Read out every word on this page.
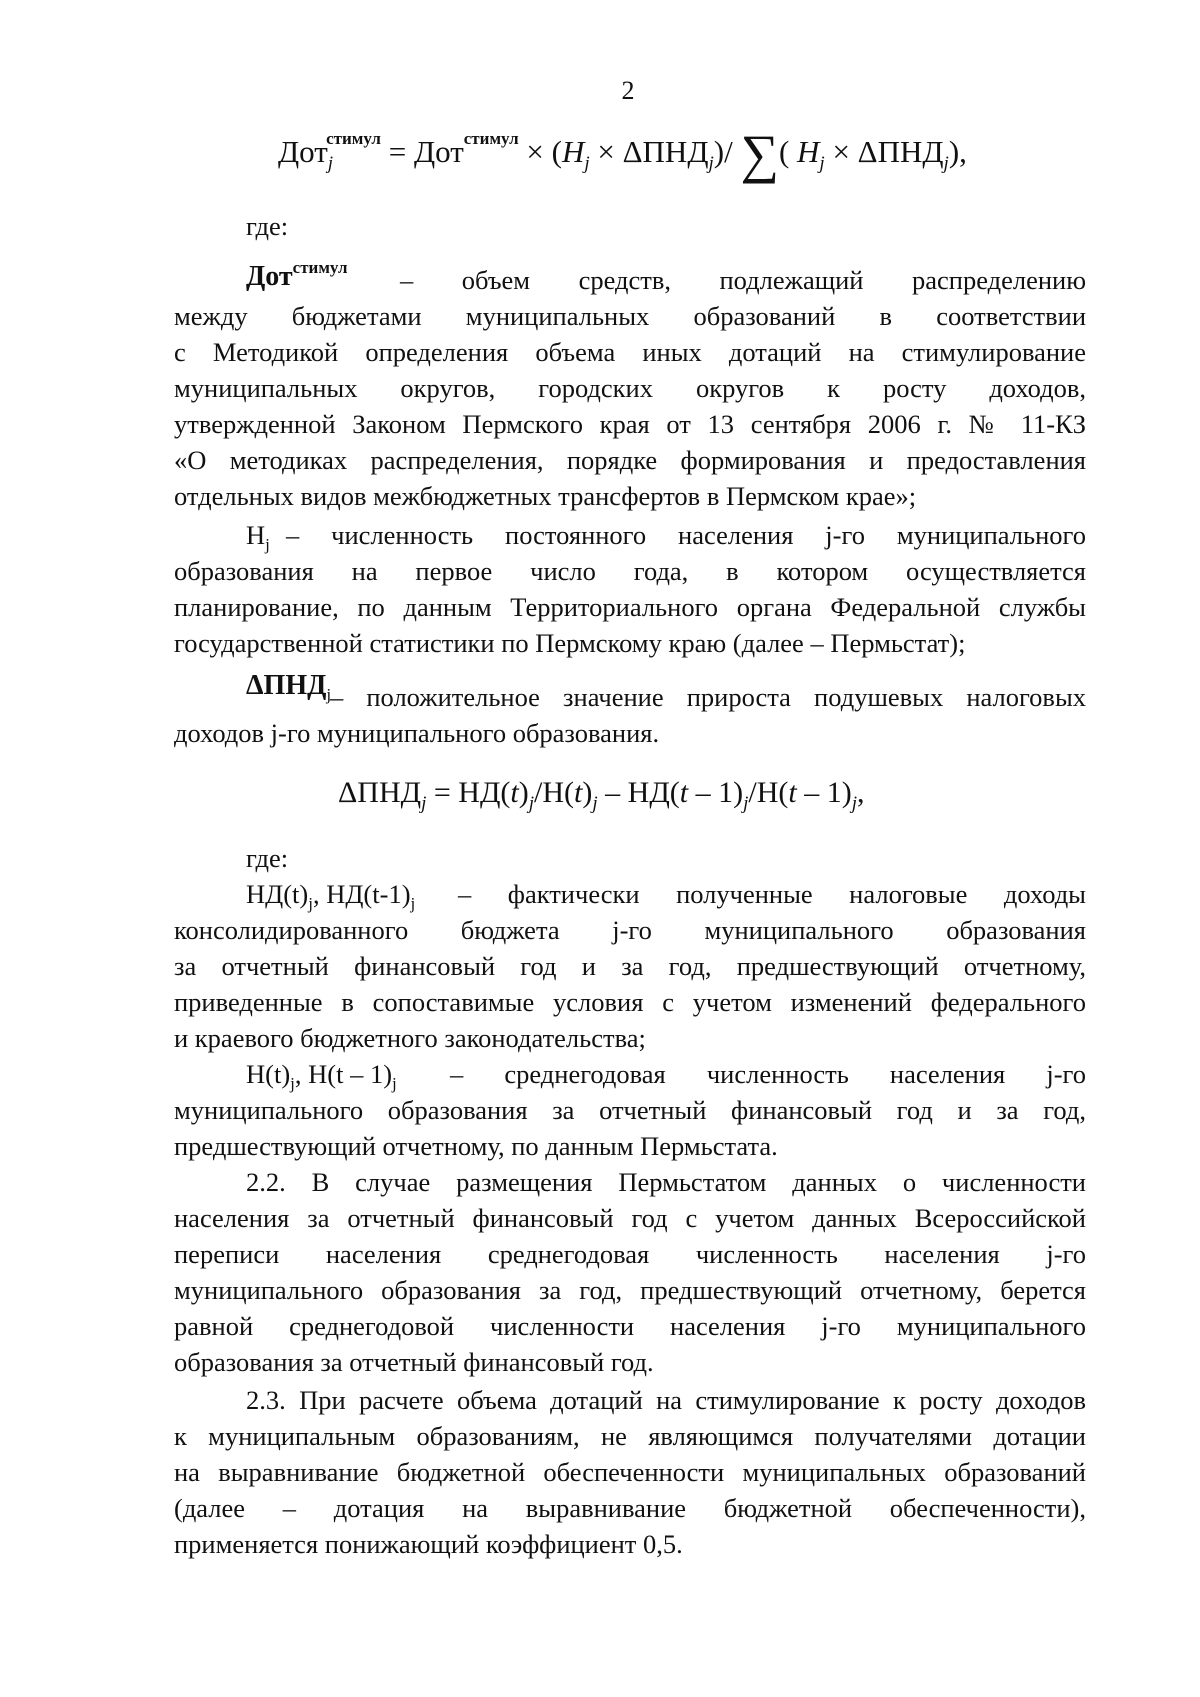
2
$Дот_j^{стимул} = Дот^{стимул} \times (H_j \times \Delta ПНД_j)/$ ∑( $H_j \times \Delta ПНД_j$),
где:
Дот$^{стимул}$	– объем средств, подлежащий распределению
между бюджетами муниципальных образований в соответствии
с Методикой определения объема иных дотаций на стимулирование
муниципальных округов, городских округов к росту доходов,
утвержденной Законом Пермского края от 13 сентября 2006 г. № 11-КЗ
«О методиках распределения, порядке формирования и предоставления
отдельных видов межбюджетных трансфертов в Пермском крае»;
$Н_j$ – численность постоянного населения j-го муниципального
образования на первое число года, в котором осуществляется
планирование, по данным Территориального органа Федеральной службы
государственной статистики по Пермскому краю (далее – Пермьстат);
$\Delta ПНД_j$
– положительное значение прироста подушевых налоговых
доходов j-го муниципального образования.
$\Delta ПНД_j = НД(t)_j/Н(t)_j - НД(t - 1)_j/Н(t - 1)_j$,
где:
$НД(t)_j$, $НД(t-1)_j$	– фактически полученные налоговые доходы
консолидированного бюджета j-го муниципального образования
за отчетный финансовый год и за год, предшествующий отчетному,
приведенные в сопоставимые условия с учетом изменений федерального
и краевого бюджетного законодательства;
$Н(t)_j$, $Н(t - 1)_j$	– среднегодовая численность населения j-го
муниципального образования за отчетный финансовый год и за год,
предшествующий отчетному, по данным Пермьстата.
2.2. В случае размещения Пермьстатом данных о численности
населения за отчетный финансовый год с учетом данных Всероссийской
переписи населения среднегодовая численность населения j-го
муниципального образования за год, предшествующий отчетному, берется
равной среднегодовой численности населения j-го муниципального
образования за отчетный финансовый год.
2.3. При расчете объема дотаций на стимулирование к росту доходов
к муниципальным образованиям, не являющимся получателями дотации
на выравнивание бюджетной обеспеченности муниципальных образований
(далее – дотация на выравнивание бюджетной обеспеченности),
применяется понижающий коэффициент 0,5.
